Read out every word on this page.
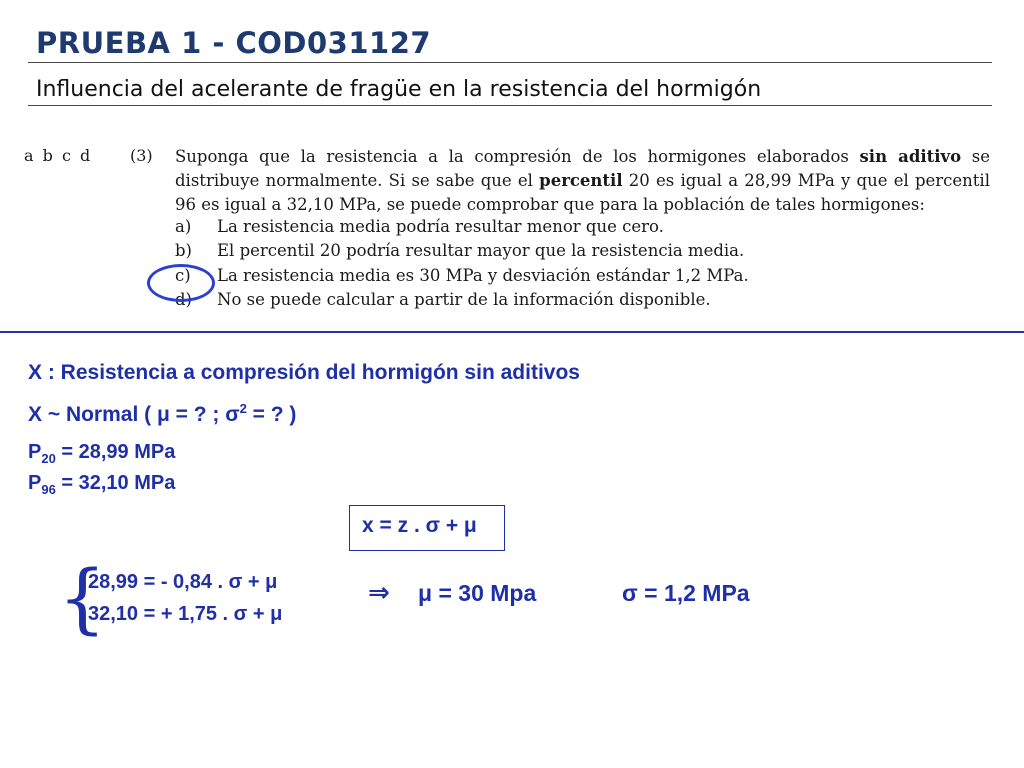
PRUEBA 1 - COD031127
Influencia del acelerante de fragüe en la resistencia del hormigón
a b c d (3) Suponga que la resistencia a la compresión de los hormigones elaborados sin aditivo se distribuye normalmente. Si se sabe que el percentil 20 es igual a 28,99 MPa y que el percentil 96 es igual a 32,10 MPa, se puede comprobar que para la población de tales hormigones:
a) La resistencia media podría resultar menor que cero.
b) El percentil 20 podría resultar mayor que la resistencia media.
c) La resistencia media es 30 MPa y desviación estándar 1,2 MPa.
d) No se puede calcular a partir de la información disponible.
X : Resistencia a compresión del hormigón sin aditivos
X ~ Normal ( μ = ? ; $\sigma^2$ = ? )
$P_{20} = 28,99$ MPa
$P_{96} = 32,10$ MPa
x = z . σ + μ
{
28,99 = - 0,84 . σ + μ
32,10 = + 1,75 . σ + μ
⇒ μ = 30 Mpa	σ = 1,2 MPa
